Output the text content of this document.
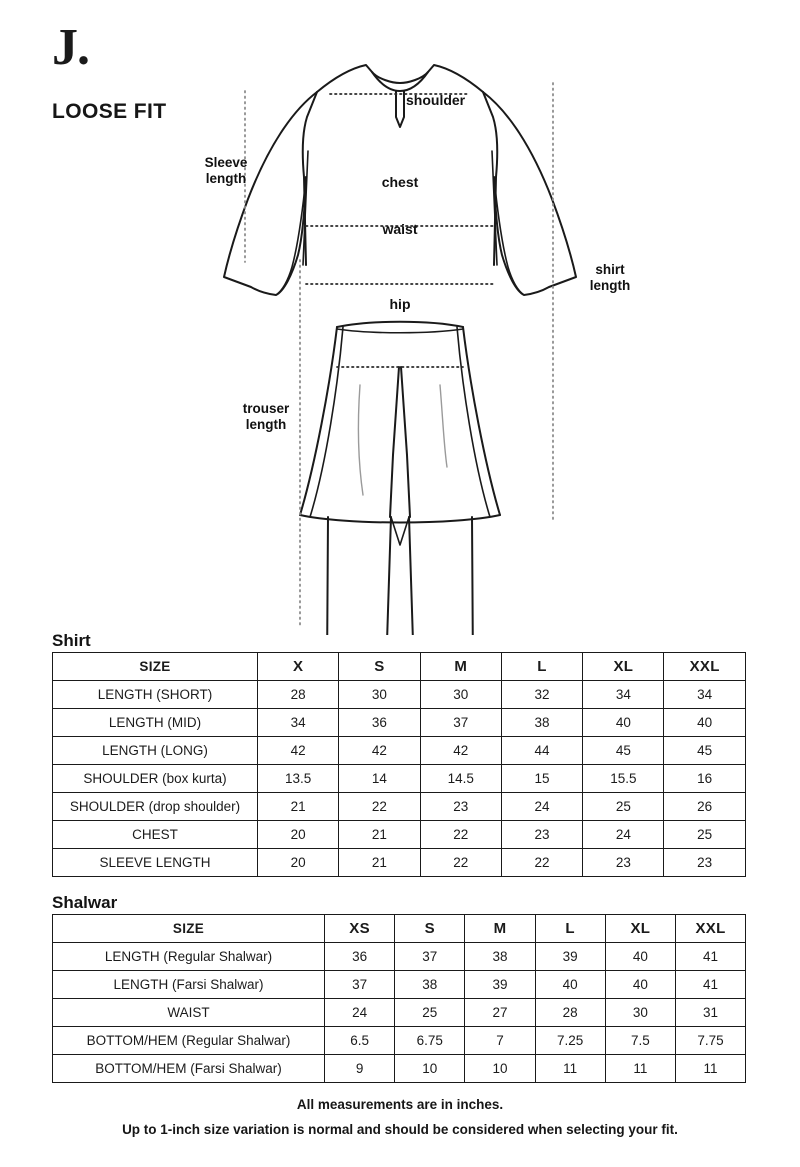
J.
LOOSE FIT
Sleeve
length
shoulder
chest
waist
hip
shirt
length
trouser
length
Shirt
SIZE	X	S	M	L	XL	XXL
LENGTH (SHORT)	28	30	30	32	34	34
LENGTH (MID)	34	36	37	38	40	40
LENGTH (LONG)	42	42	42	44	45	45
SHOULDER (box kurta)	13.5	14	14.5	15	15.5	16
SHOULDER (drop shoulder)	21	22	23	24	25	26
CHEST	20	21	22	23	24	25
SLEEVE LENGTH	20	21	22	22	23	23
Shalwar
SIZE	XS	S	M	L	XL	XXL
LENGTH (Regular Shalwar)	36	37	38	39	40	41
LENGTH (Farsi Shalwar)	37	38	39	40	40	41
WAIST	24	25	27	28	30	31
BOTTOM/HEM (Regular Shalwar)	6.5	6.75	7	7.25	7.5	7.75
BOTTOM/HEM (Farsi Shalwar)	9	10	10	11	11	11
All measurements are in inches.
Up to 1-inch size variation is normal and should be considered when selecting your fit.
